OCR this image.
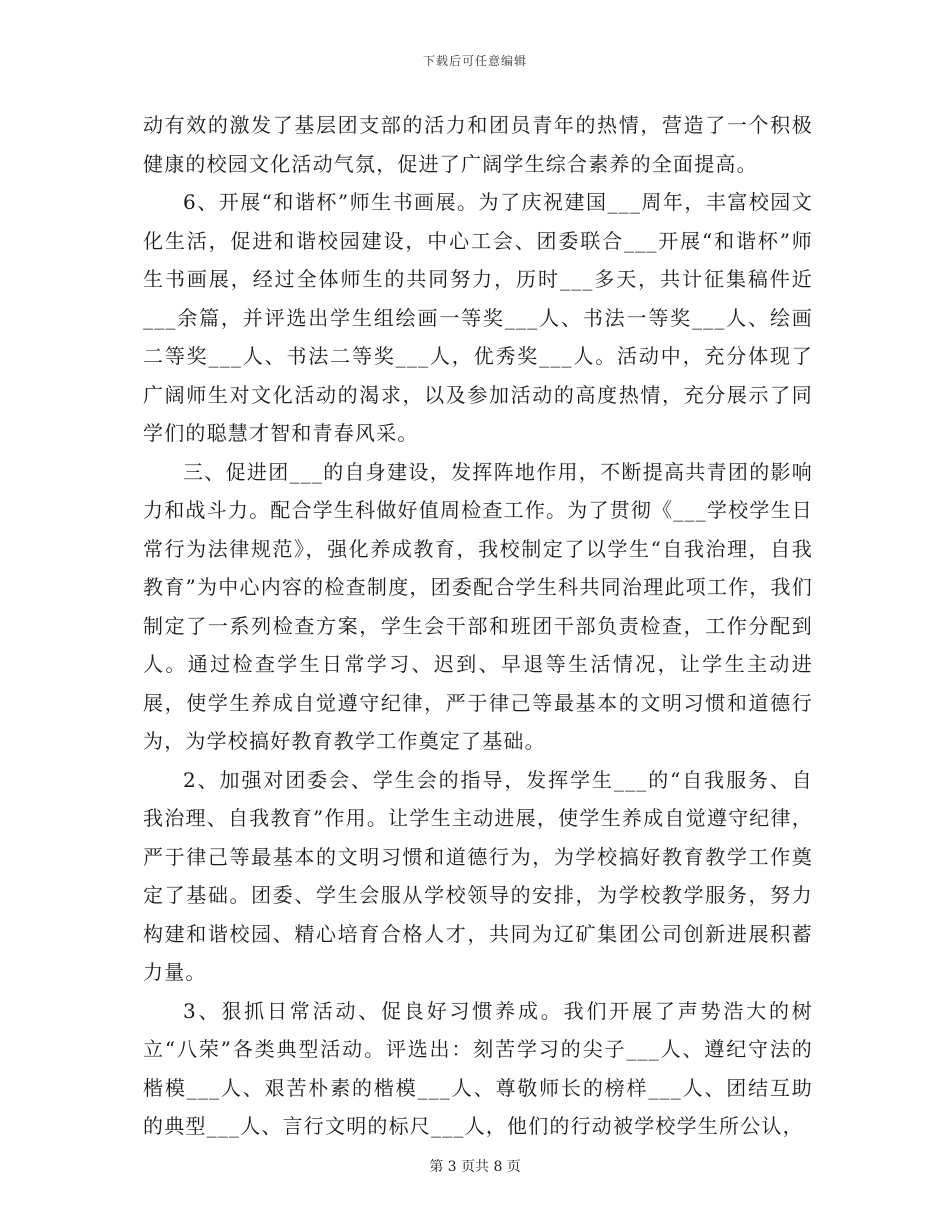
下载后可任意编辑

动有效的激发了基层团支部的活力和团员青年的热情，营造了一个积极健康的校园文化活动气氛，促进了广阔学生综合素养的全面提高。

6、开展“和谐杯”师生书画展。为了庆祝建国___周年，丰富校园文化生活，促进和谐校园建设，中心工会、团委联合___开展“和谐杯”师生书画展，经过全体师生的共同努力，历时___多天，共计征集稿件近___余篇，并评选出学生组绘画一等奖___人、书法一等奖___人、绘画二等奖___人、书法二等奖___人，优秀奖___人。活动中，充分体现了广阔师生对文化活动的渴求，以及参加活动的高度热情，充分展示了同学们的聪慧才智和青春风采。

三、促进团___的自身建设，发挥阵地作用，不断提高共青团的影响力和战斗力。配合学生科做好值周检查工作。为了贯彻《___学校学生日常行为法律规范》，强化养成教育，我校制定了以学生“自我治理，自我教育”为中心内容的检查制度，团委配合学生科共同治理此项工作，我们制定了一系列检查方案，学生会干部和班团干部负责检查，工作分配到人。通过检查学生日常学习、迟到、早退等生活情况，让学生主动进展，使学生养成自觉遵守纪律，严于律己等最基本的文明习惯和道德行为，为学校搞好教育教学工作奠定了基础。

2、加强对团委会、学生会的指导，发挥学生___的“自我服务、自我治理、自我教育”作用。让学生主动进展，使学生养成自觉遵守纪律，严于律己等最基本的文明习惯和道德行为，为学校搞好教育教学工作奠定了基础。团委、学生会服从学校领导的安排，为学校教学服务，努力构建和谐校园、精心培育合格人才，共同为辽矿集团公司创新进展积蓄力量。

3、狠抓日常活动、促良好习惯养成。我们开展了声势浩大的树立“八荣”各类典型活动。评选出：刻苦学习的尖子___人、遵纪守法的楷模___人、艰苦朴素的楷模___人、尊敬师长的榜样___人、团结互助的典型___人、言行文明的标尺___人，他们的行动被学校学生所公认，

第 3 页共 8 页
